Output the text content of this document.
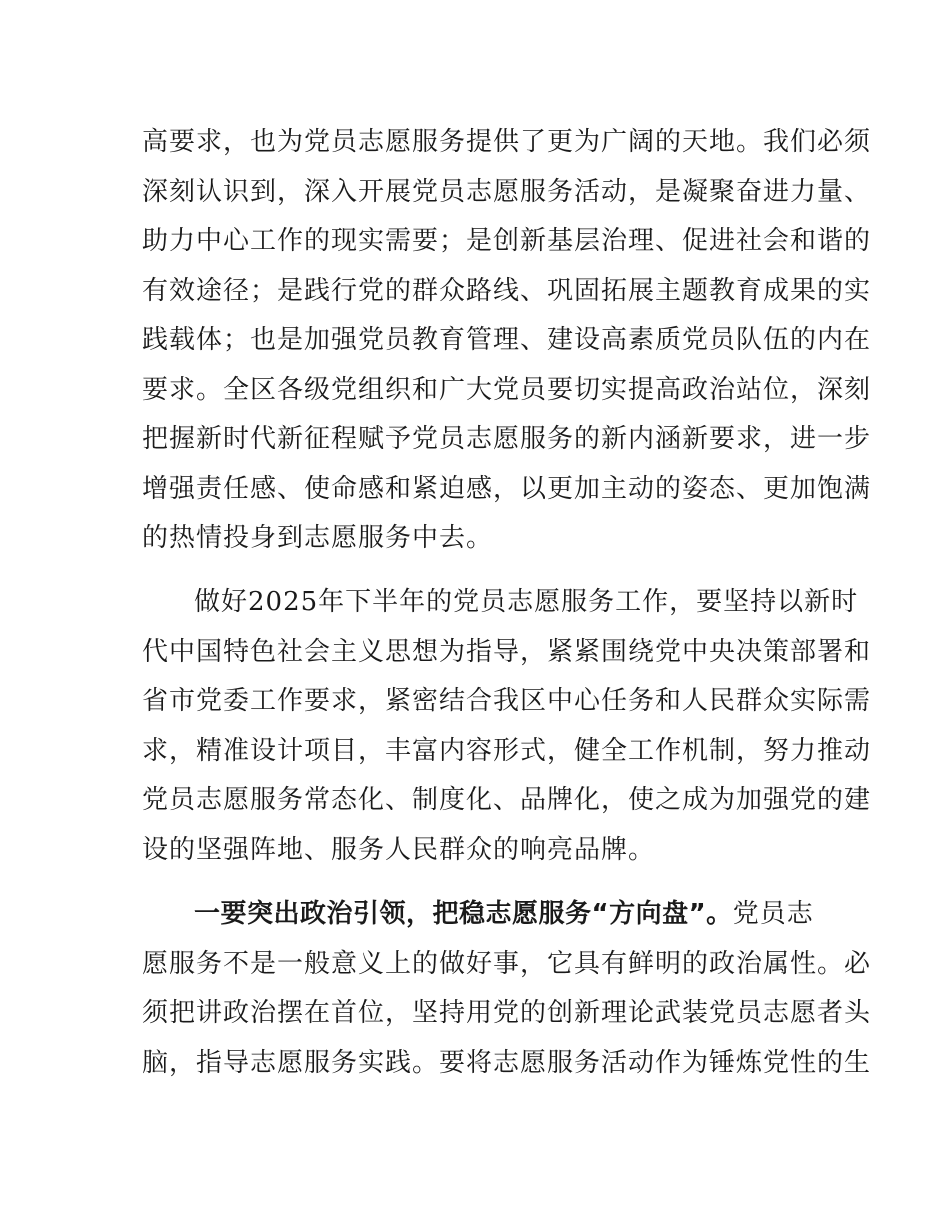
高要求，也为党员志愿服务提供了更为广阔的天地。我们必须
深刻认识到，深入开展党员志愿服务活动，是凝聚奋进力量、
助力中心工作的现实需要；是创新基层治理、促进社会和谐的
有效途径；是践行党的群众路线、巩固拓展主题教育成果的实
践载体；也是加强党员教育管理、建设高素质党员队伍的内在
要求。全区各级党组织和广大党员要切实提高政治站位，深刻
把握新时代新征程赋予党员志愿服务的新内涵新要求，进一步
增强责任感、使命感和紧迫感，以更加主动的姿态、更加饱满
的热情投身到志愿服务中去。
做好2025年下半年的党员志愿服务工作，要坚持以新时
代中国特色社会主义思想为指导，紧紧围绕党中央决策部署和
省市党委工作要求，紧密结合我区中心任务和人民群众实际需
求，精准设计项目，丰富内容形式，健全工作机制，努力推动
党员志愿服务常态化、制度化、品牌化，使之成为加强党的建
设的坚强阵地、服务人民群众的响亮品牌。
一要突出政治引领，把稳志愿服务“方向盘”。党员志
愿服务不是一般意义上的做好事，它具有鲜明的政治属性。必
须把讲政治摆在首位，坚持用党的创新理论武装党员志愿者头
脑，指导志愿服务实践。要将志愿服务活动作为锤炼党性的生
